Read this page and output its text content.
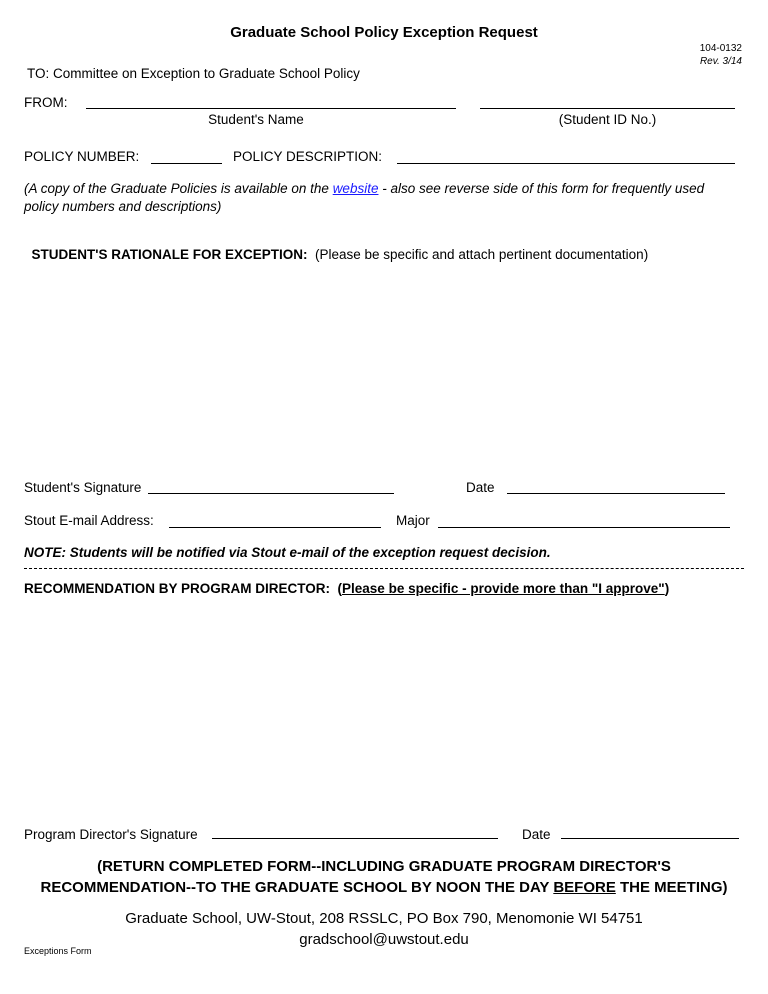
Graduate School Policy Exception Request
104-0132
Rev. 3/14
TO: Committee on Exception to Graduate School Policy
FROM:
Student's Name	(Student ID No.)
POLICY NUMBER:	POLICY DESCRIPTION:
(A copy of the Graduate Policies is available on the website - also see reverse side of this form for frequently used
policy numbers and descriptions)

STUDENT'S RATIONALE FOR EXCEPTION:  (Please be specific and attach pertinent documentation)

Student's Signature	Date
Stout E-mail Address:	Major
NOTE: Students will be notified via Stout e-mail of the exception request decision.
RECOMMENDATION BY PROGRAM DIRECTOR: (Please be specific - provide more than "I approve")
Program Director's Signature	Date
(RETURN COMPLETED FORM--INCLUDING GRADUATE PROGRAM DIRECTOR'S
RECOMMENDATION--TO THE GRADUATE SCHOOL BY NOON THE DAY BEFORE THE MEETING)
Graduate School, UW-Stout, 208 RSSLC, PO Box 790, Menomonie WI 54751
gradschool@uwstout.edu
Exceptions Form
